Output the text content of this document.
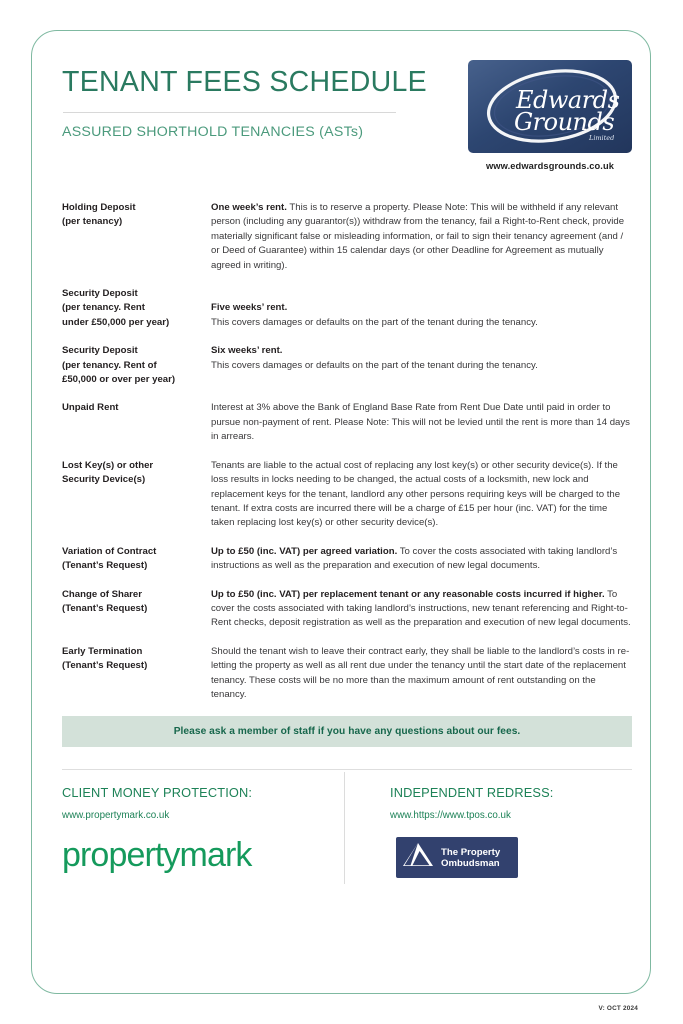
TENANT FEES SCHEDULE
ASSURED SHORTHOLD TENANCIES (ASTs)
Edwards
Grounds
Limited
www.edwardsgrounds.co.uk
Holding Deposit
(per tenancy)
One week’s rent. This is to reserve a property. Please Note: This will be withheld if any relevant person (including any guarantor(s)) withdraw from the tenancy, fail a Right-to-Rent check, provide materially significant false or misleading information, or fail to sign their tenancy agreement (and / or Deed of Guarantee) within 15 calendar days (or other Deadline for Agreement as mutually agreed in writing).
Security Deposit
(per tenancy. Rent
under £50,000 per year)
Five weeks’ rent.
This covers damages or defaults on the part of the tenant during the tenancy.
Security Deposit
(per tenancy. Rent of
£50,000 or over per year)
Six weeks’ rent.
This covers damages or defaults on the part of the tenant during the tenancy.
Unpaid Rent	Interest at 3% above the Bank of England Base Rate from Rent Due Date until paid in order to pursue non-payment of rent. Please Note: This will not be levied until the rent is more than 14 days in arrears.
Lost Key(s) or other
Security Device(s)
Tenants are liable to the actual cost of replacing any lost key(s) or other security device(s). If the loss results in locks needing to be changed, the actual costs of a locksmith, new lock and replacement keys for the tenant, landlord any other persons requiring keys will be charged to the tenant. If extra costs are incurred there will be a charge of £15 per hour (inc. VAT) for the time taken replacing lost key(s) or other security device(s).
Variation of Contract
(Tenant’s Request)
Up to £50 (inc. VAT) per agreed variation. To cover the costs associated with taking landlord’s instructions as well as the preparation and execution of new legal documents.
Change of Sharer
(Tenant’s Request)
Up to £50 (inc. VAT) per replacement tenant or any reasonable costs incurred if higher. To cover the costs associated with taking landlord’s instructions, new tenant referencing and Right-to-Rent checks, deposit registration as well as the preparation and execution of new legal documents.
Early Termination
(Tenant’s Request)
Should the tenant wish to leave their contract early, they shall be liable to the landlord’s costs in re-letting the property as well as all rent due under the tenancy until the start date of the replacement tenancy. These costs will be no more than the maximum amount of rent outstanding on the tenancy.
Please ask a member of staff if you have any questions about our fees.
CLIENT MONEY PROTECTION:
www.propertymark.co.uk
propertymark
INDEPENDENT REDRESS:
www.https://www.tpos.co.uk
The Property
Ombudsman
V: OCT 2024
